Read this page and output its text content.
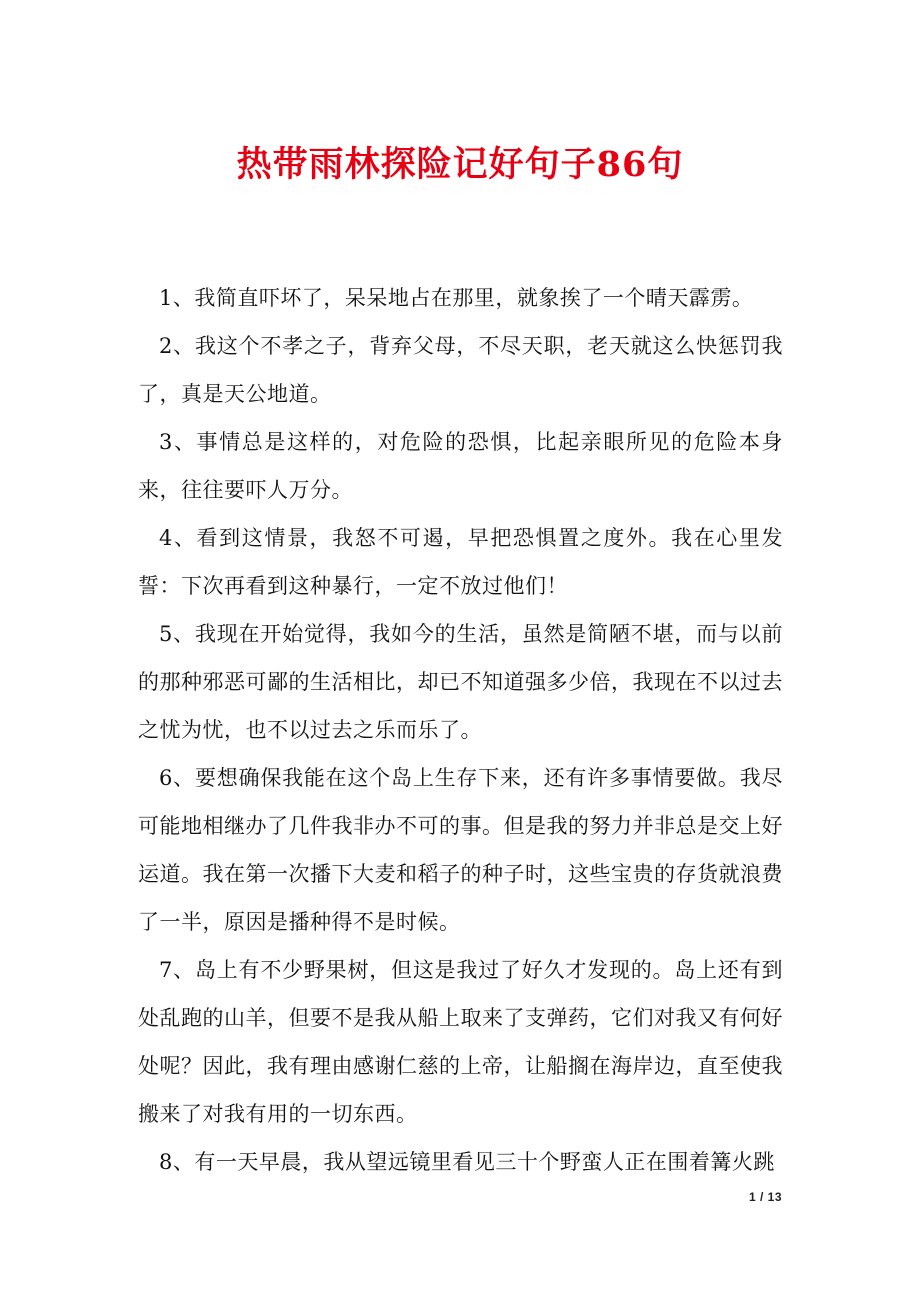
热带雨林探险记好句子86句

1、我简直吓坏了，呆呆地占在那里，就象挨了一个晴天霹雳。

2、我这个不孝之子，背弃父母，不尽天职，老天就这么快惩罚我了，真是天公地道。

3、事情总是这样的，对危险的恐惧，比起亲眼所见的危险本身来，往往要吓人万分。

4、看到这情景，我怒不可遏，早把恐惧置之度外。我在心里发誓：下次再看到这种暴行，一定不放过他们！

5、我现在开始觉得，我如今的生活，虽然是简陋不堪，而与以前的那种邪恶可鄙的生活相比，却已不知道强多少倍，我现在不以过去之忧为忧，也不以过去之乐而乐了。

6、要想确保我能在这个岛上生存下来，还有许多事情要做。我尽可能地相继办了几件我非办不可的事。但是我的努力并非总是交上好运道。我在第一次播下大麦和稻子的种子时，这些宝贵的存货就浪费了一半，原因是播种得不是时候。

7、岛上有不少野果树，但这是我过了好久才发现的。岛上还有到处乱跑的山羊，但要不是我从船上取来了支弹药，它们对我又有何好处呢？因此，我有理由感谢仁慈的上帝，让船搁在海岸边，直至使我搬来了对我有用的一切东西。

8、有一天早晨，我从望远镜里看见三十个野蛮人正在围着篝火跳

1 / 13
